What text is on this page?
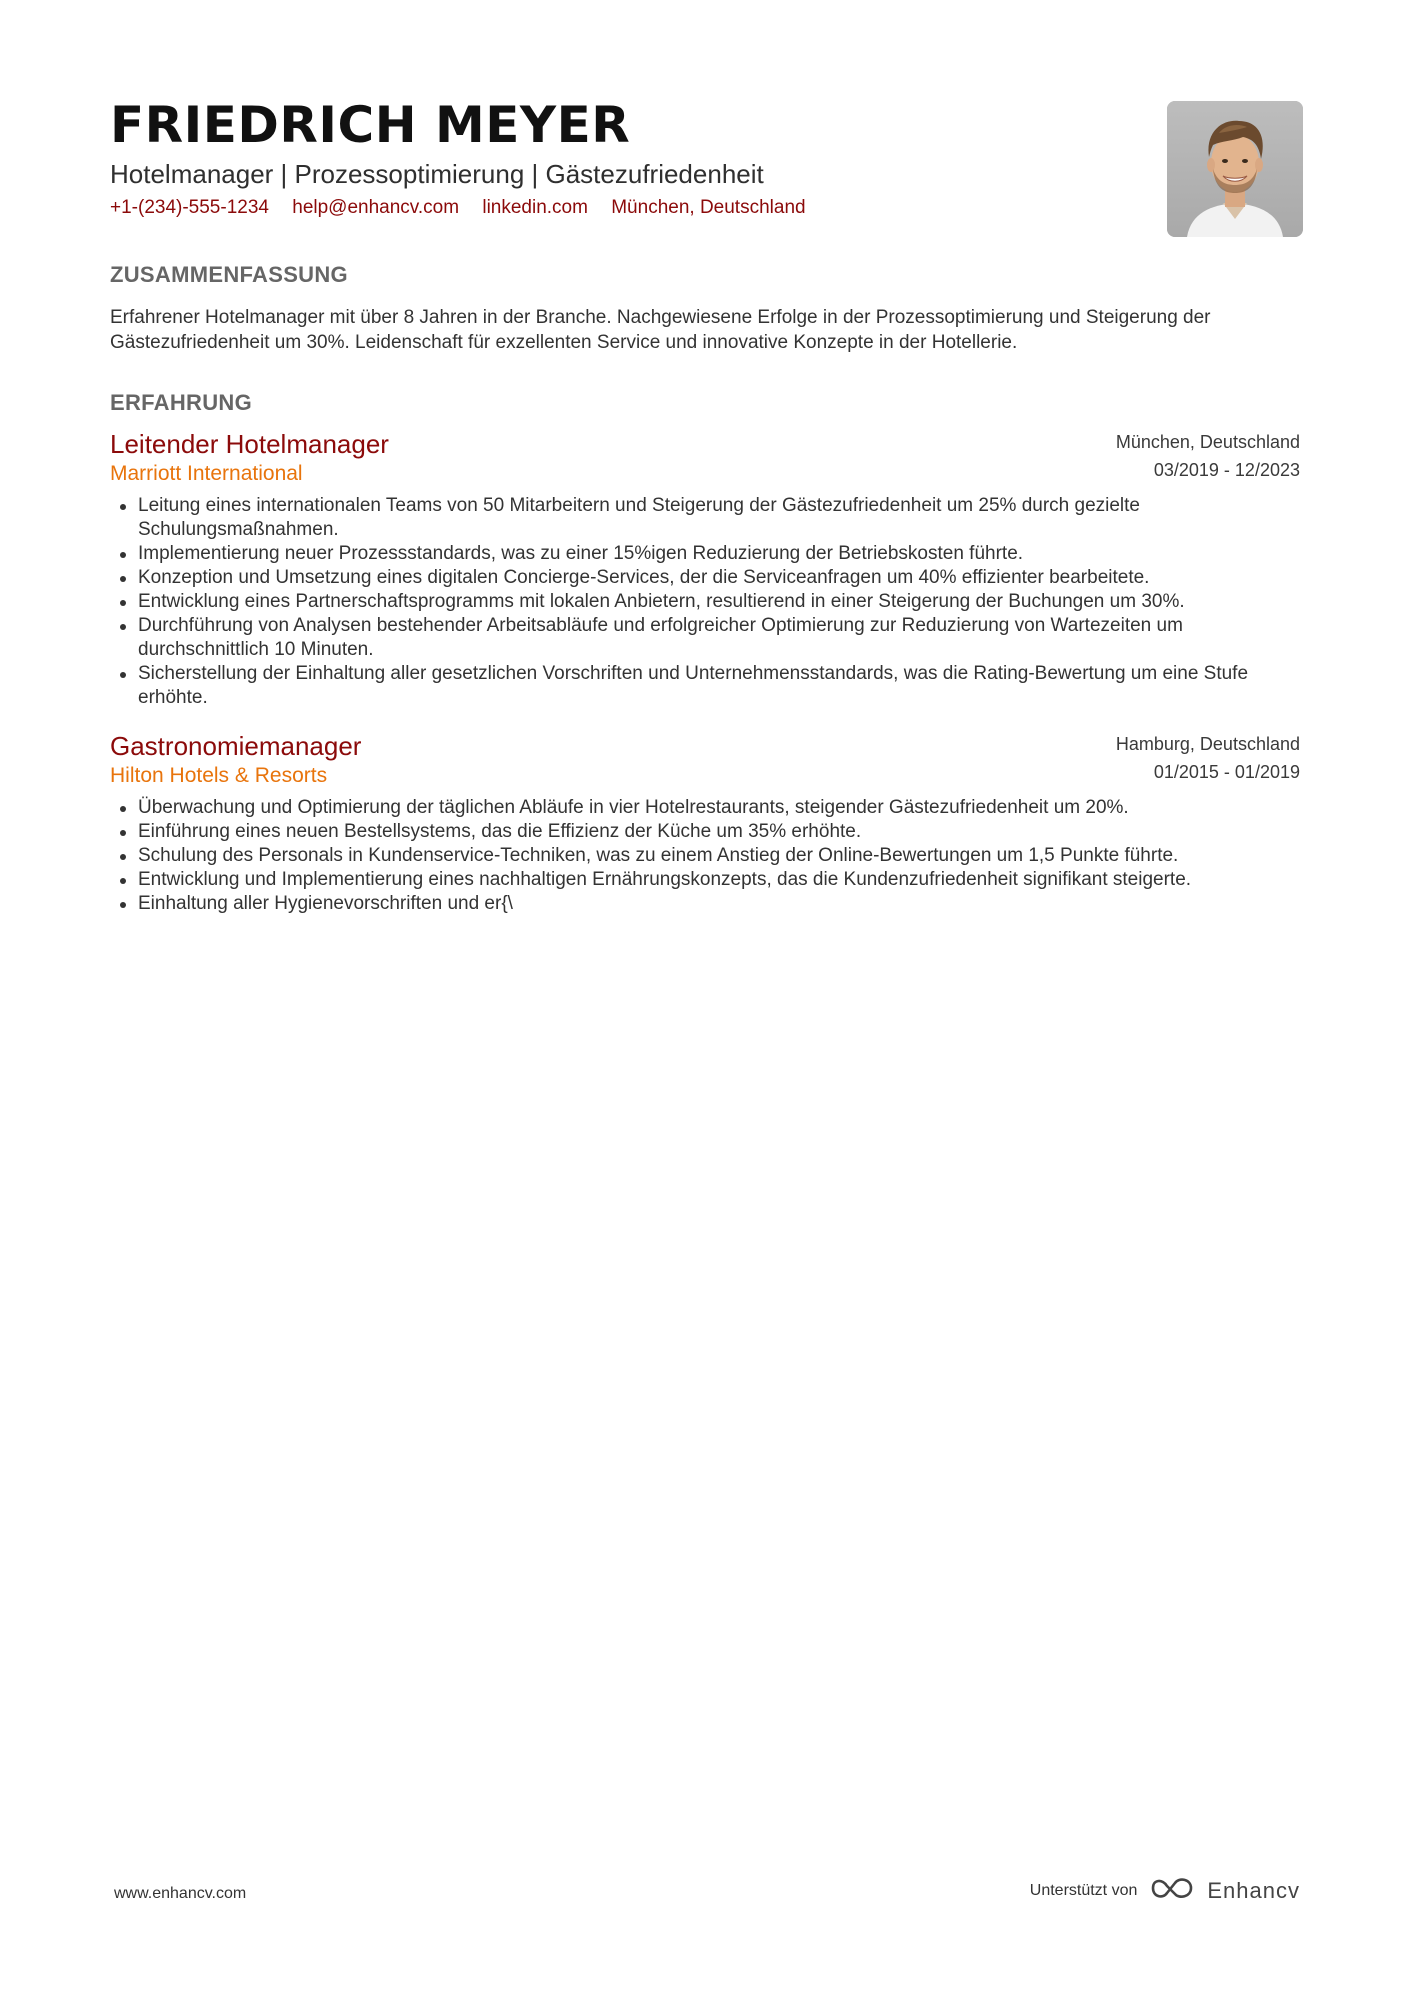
FRIEDRICH MEYER
Hotelmanager | Prozessoptimierung | Gästezufriedenheit
+1-(234)-555-1234 help@enhancv.com linkedin.com München, Deutschland
ZUSAMMENFASSUNG

Erfahrener Hotelmanager mit über 8 Jahren in der Branche. Nachgewiesene Erfolge in der Prozessoptimierung und Steigerung der Gästezufriedenheit um 30%. Leidenschaft für exzellenten Service und innovative Konzepte in der Hotellerie.

ERFAHRUNG
Leitender Hotelmanager
Marriott International
München, Deutschland
03/2019 - 12/2023
Leitung eines internationalen Teams von 50 Mitarbeitern und Steigerung der Gästezufriedenheit um 25% durch gezielte Schulungsmaßnahmen.
Implementierung neuer Prozessstandards, was zu einer 15%igen Reduzierung der Betriebskosten führte.
Konzeption und Umsetzung eines digitalen Concierge-Services, der die Serviceanfragen um 40% effizienter bearbeitete.
Entwicklung eines Partnerschaftsprogramms mit lokalen Anbietern, resultierend in einer Steigerung der Buchungen um 30%.
Durchführung von Analysen bestehender Arbeitsabläufe und erfolgreicher Optimierung zur Reduzierung von Wartezeiten um durchschnittlich 10 Minuten.
Sicherstellung der Einhaltung aller gesetzlichen Vorschriften und Unternehmensstandards, was die Rating-Bewertung um eine Stufe erhöhte.
Gastronomiemanager
Hilton Hotels & Resorts
Hamburg, Deutschland
01/2015 - 01/2019
Überwachung und Optimierung der täglichen Abläufe in vier Hotelrestaurants, steigender Gästezufriedenheit um 20%.
Einführung eines neuen Bestellsystems, das die Effizienz der Küche um 35% erhöhte.
Schulung des Personals in Kundenservice-Techniken, was zu einem Anstieg der Online-Bewertungen um 1,5 Punkte führte.
Entwicklung und Implementierung eines nachhaltigen Ernährungskonzepts, das die Kundenzufriedenheit signifikant steigerte.
Einhaltung aller Hygienevorschriften und er{\
www.enhancv.com	Unterstützt von	Enhancv
